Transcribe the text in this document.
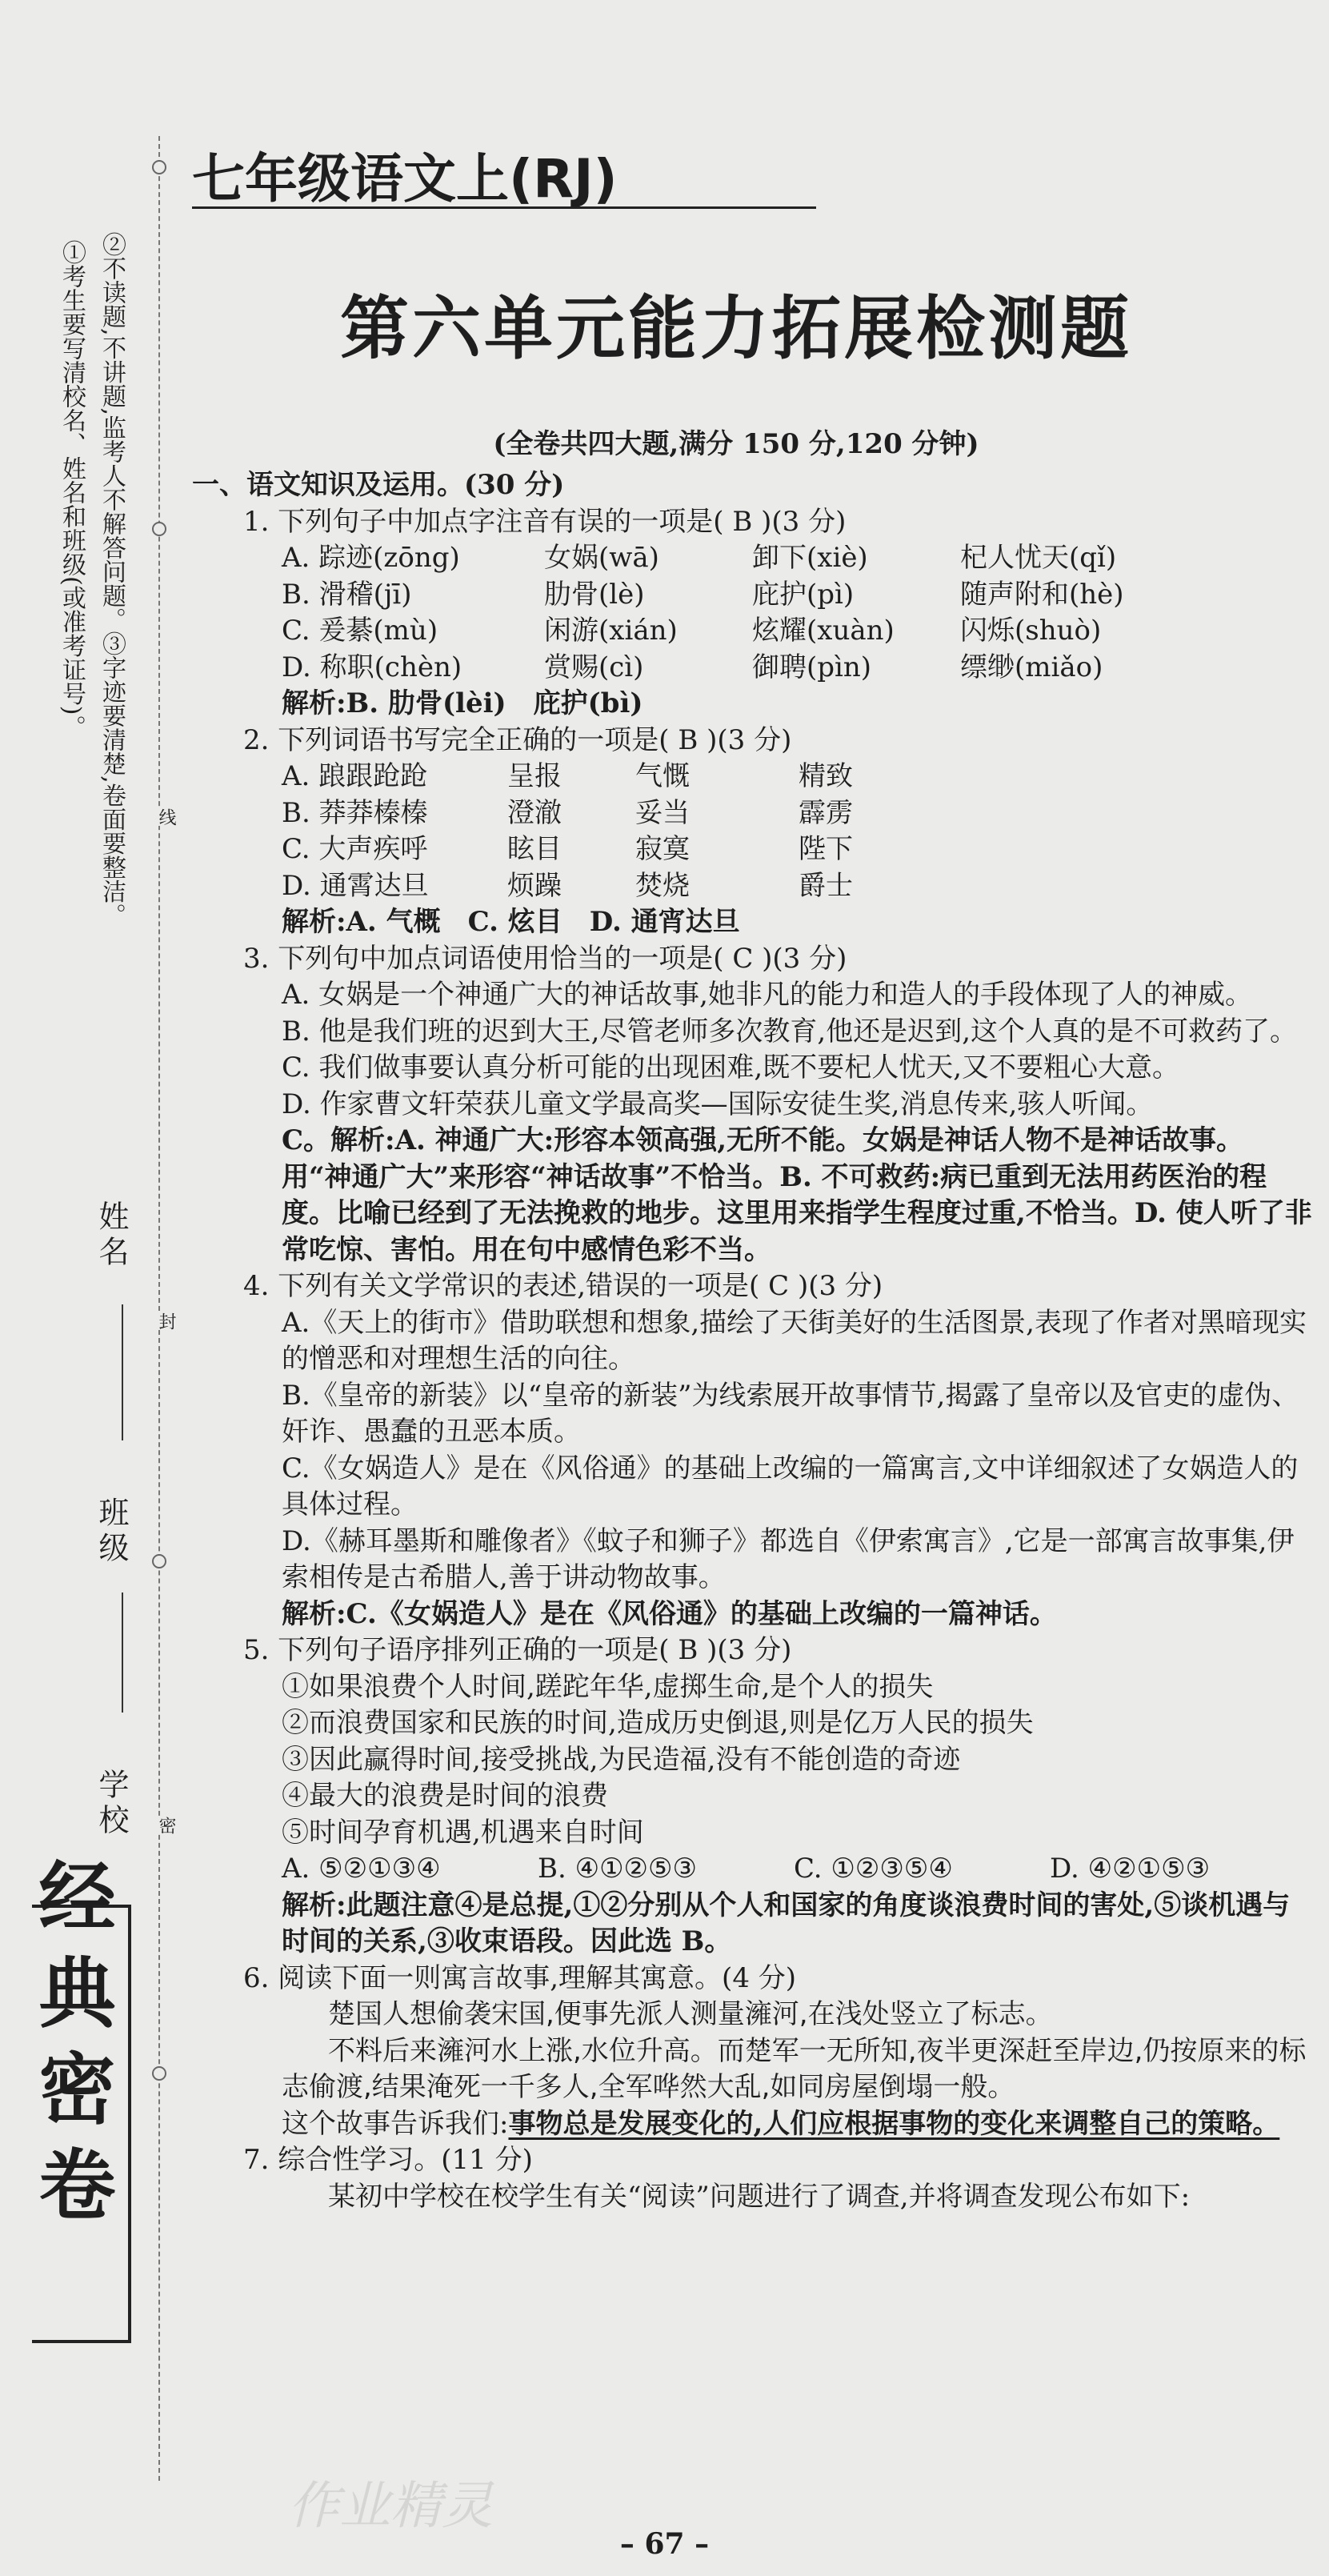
①考生要写清校名、姓名和班级(或准考证号)。 ②不读题,不讲题,监考人不解答问题。③字迹要清楚,卷面要整洁。 线
封
密
姓名
班级
学校
经典密卷
七年级语文上(RJ)
第六单元能力拓展检测题
(全卷共四大题,满分 150 分,120 分钟)
一、语文知识及运用。(30 分)
1. 下列句子中加点字注音有误的一项是( B )(3 分)
A. 踪迹(zōng)	女娲(wā)	卸下(xiè)	杞人忧天(qǐ)
B. 滑稽(jī)	肋骨(lè)	庇护(pì)	随声附和(hè)
C. 爰綦(mù)	闲游(xián)	炫耀(xuàn)	闪烁(shuò)
D. 称职(chèn)	赏赐(cì)	御聘(pìn)	缥缈(miǎo)
解析:B. 肋骨(lèi)　庇护(bì)
2. 下列词语书写完全正确的一项是( B )(3 分)
A. 踉跟跄跄	呈报	气慨	精致
B. 莽莽榛榛	澄澈	妥当	霹雳
C. 大声疾呼	眩目	寂寞	陛下
D. 通霄达旦	烦躁	焚烧	爵士
解析:A. 气概　C. 炫目　D. 通宵达旦
3. 下列句中加点词语使用恰当的一项是( C )(3 分)
A. 女娲是一个神通广大的神话故事,她非凡的能力和造人的手段体现了人的神威。
B. 他是我们班的迟到大王,尽管老师多次教育,他还是迟到,这个人真的是不可救药了。
C. 我们做事要认真分析可能的出现困难,既不要杞人忧天,又不要粗心大意。
D. 作家曹文轩荣获儿童文学最高奖—国际安徒生奖,消息传来,骇人听闻。
C。解析:A. 神通广大:形容本领高强,无所不能。女娲是神话人物不是神话故事。用“神通广大”来形容“神话故事”不恰当。B. 不可救药:病已重到无法用药医治的程度。比喻已经到了无法挽救的地步。这里用来指学生程度过重,不恰当。D. 使人听了非常吃惊、害怕。用在句中感情色彩不当。
4. 下列有关文学常识的表述,错误的一项是( C )(3 分)
A.《天上的街市》借助联想和想象,描绘了天街美好的生活图景,表现了作者对黑暗现实的憎恶和对理想生活的向往。
B.《皇帝的新装》以“皇帝的新装”为线索展开故事情节,揭露了皇帝以及官吏的虚伪、奸诈、愚蠢的丑恶本质。
C.《女娲造人》是在《风俗通》的基础上改编的一篇寓言,文中详细叙述了女娲造人的具体过程。
D.《赫耳墨斯和雕像者》《蚊子和狮子》都选自《伊索寓言》,它是一部寓言故事集,伊索相传是古希腊人,善于讲动物故事。
解析:C.《女娲造人》是在《风俗通》的基础上改编的一篇神话。
5. 下列句子语序排列正确的一项是( B )(3 分)
①如果浪费个人时间,蹉跎年华,虚掷生命,是个人的损失
②而浪费国家和民族的时间,造成历史倒退,则是亿万人民的损失
③因此赢得时间,接受挑战,为民造福,没有不能创造的奇迹
④最大的浪费是时间的浪费
⑤时间孕育机遇,机遇来自时间
A. ⑤②①③④	B. ④①②⑤③	C. ①②③⑤④	D. ④②①⑤③
解析:此题注意④是总提,①②分别从个人和国家的角度谈浪费时间的害处,⑤谈机遇与时间的关系,③收束语段。因此选 B。
6. 阅读下面一则寓言故事,理解其寓意。(4 分)
楚国人想偷袭宋国,便事先派人测量澭河,在浅处竖立了标志。
不料后来澭河水上涨,水位升高。而楚军一无所知,夜半更深赶至岸边,仍按原来的标志偷渡,结果淹死一千多人,全军哗然大乱,如同房屋倒塌一般。
这个故事告诉我们:事物总是发展变化的,人们应根据事物的变化来调整自己的策略。
7. 综合性学习。(11 分)
某初中学校在校学生有关“阅读”问题进行了调查,并将调查发现公布如下:
作业精灵
– 67 –
